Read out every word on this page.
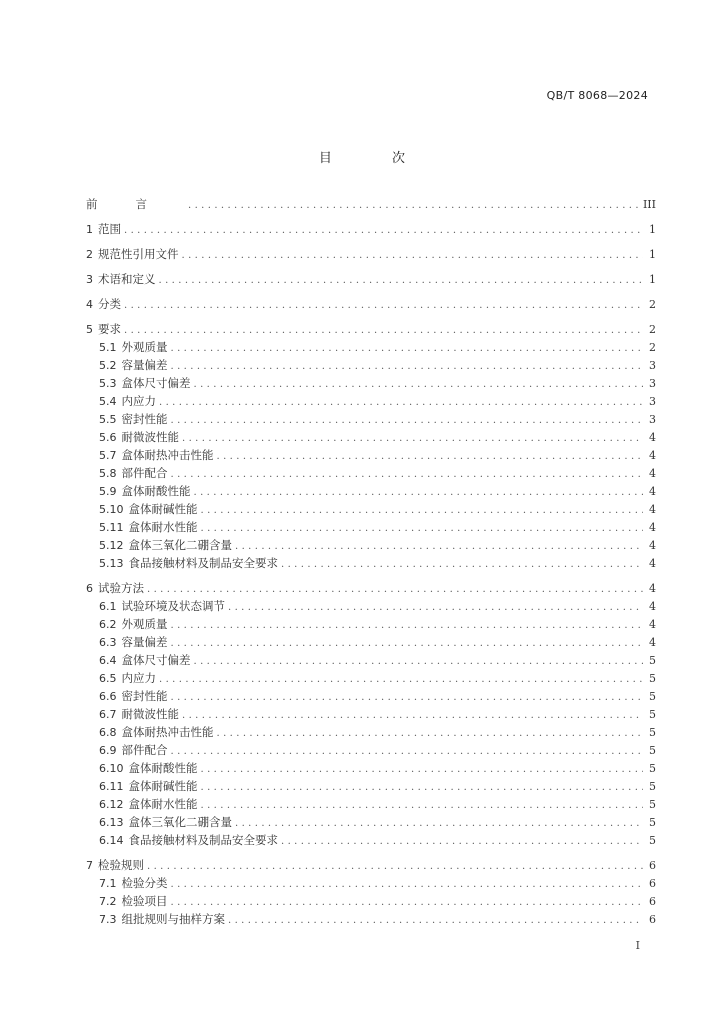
QB/T 8068—2024
目 次
前言 .....	III
1 范围 .....	1
2 规范性引用文件 .....	1
3 术语和定义 .....	1
4 分类 .....	2
5 要求 .....	2
5.1 外观质量 .....	2
5.2 容量偏差 .....	3
5.3 盒体尺寸偏差 .....	3
5.4 内应力 .....	3
5.5 密封性能 .....	3
5.6 耐微波性能 .....	4
5.7 盒体耐热冲击性能 .....	4
5.8 部件配合 .....	4
5.9 盒体耐酸性能 .....	4
5.10 盒体耐碱性能 .....	4
5.11 盒体耐水性能 .....	4
5.12 盒体三氧化二硼含量 .....	4
5.13 食品接触材料及制品安全要求 .....	4
6 试验方法 .....	4
6.1 试验环境及状态调节 .....	4
6.2 外观质量 .....	4
6.3 容量偏差 .....	4
6.4 盒体尺寸偏差 .....	5
6.5 内应力 .....	5
6.6 密封性能 .....	5
6.7 耐微波性能 .....	5
6.8 盒体耐热冲击性能 .....	5
6.9 部件配合 .....	5
6.10 盒体耐酸性能 .....	5
6.11 盒体耐碱性能 .....	5
6.12 盒体耐水性能 .....	5
6.13 盒体三氧化二硼含量 .....	5
6.14 食品接触材料及制品安全要求 .....	5
7 检验规则 .....	6
7.1 检验分类 .....	6
7.2 检验项目 .....	6
7.3 组批规则与抽样方案 .....	6
I
